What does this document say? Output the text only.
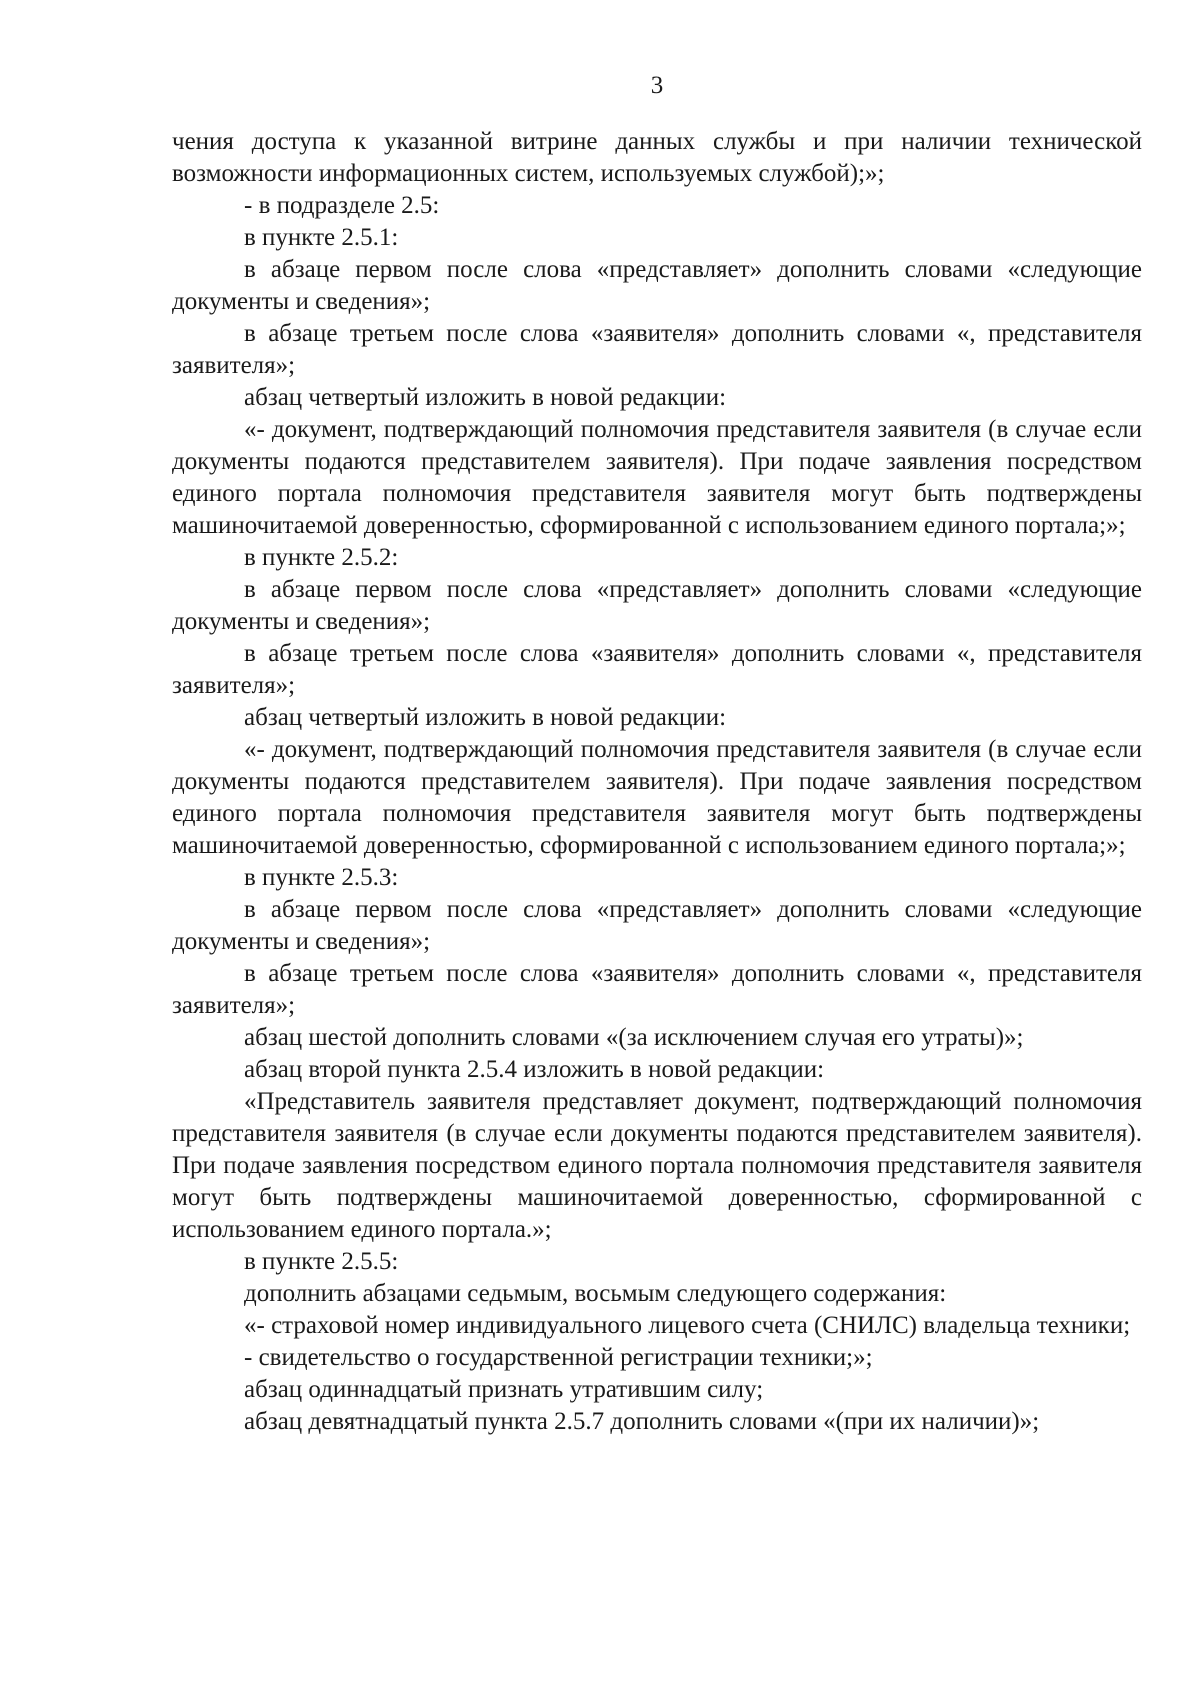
3

чения доступа к указанной витрине данных службы и при наличии технической возможности информационных систем, используемых службой);»;

- в подразделе 2.5:

в пункте 2.5.1:

в абзаце первом после слова «представляет» дополнить словами «следующие документы и сведения»;

в абзаце третьем после слова «заявителя» дополнить словами «, представителя заявителя»;

абзац четвертый изложить в новой редакции:

«- документ, подтверждающий полномочия представителя заявителя (в случае если документы подаются представителем заявителя). При подаче заявления посредством единого портала полномочия представителя заявителя могут быть подтверждены машиночитаемой доверенностью, сформированной с использованием единого портала;»;

в пункте 2.5.2:

в абзаце первом после слова «представляет» дополнить словами «следующие документы и сведения»;

в абзаце третьем после слова «заявителя» дополнить словами «, представителя заявителя»;

абзац четвертый изложить в новой редакции:

«- документ, подтверждающий полномочия представителя заявителя (в случае если документы подаются представителем заявителя). При подаче заявления посредством единого портала полномочия представителя заявителя могут быть подтверждены машиночитаемой доверенностью, сформированной с использованием единого портала;»;

в пункте 2.5.3:

в абзаце первом после слова «представляет» дополнить словами «следующие документы и сведения»;

в абзаце третьем после слова «заявителя» дополнить словами «, представителя заявителя»;

абзац шестой дополнить словами «(за исключением случая его утраты)»;

абзац второй пункта 2.5.4 изложить в новой редакции:

«Представитель заявителя представляет документ, подтверждающий полномочия представителя заявителя (в случае если документы подаются представителем заявителя). При подаче заявления посредством единого портала полномочия представителя заявителя могут быть подтверждены машиночитаемой доверенностью, сформированной с использованием единого портала.»;

в пункте 2.5.5:

дополнить абзацами седьмым, восьмым следующего содержания:

«- страховой номер индивидуального лицевого счета (СНИЛС) владельца техники;

- свидетельство о государственной регистрации техники;»;

абзац одиннадцатый признать утратившим силу;

абзац девятнадцатый пункта 2.5.7 дополнить словами «(при их наличии)»;
